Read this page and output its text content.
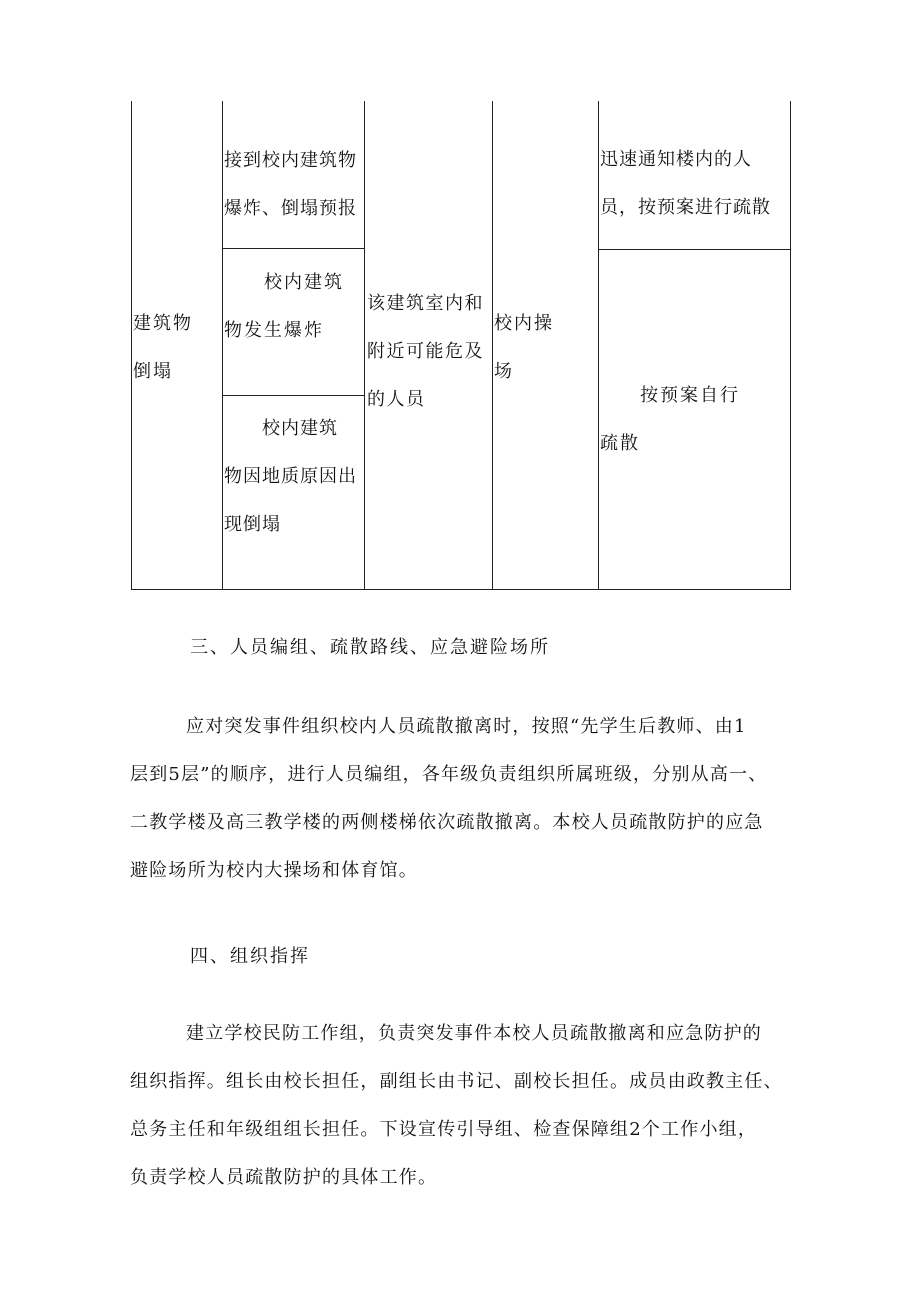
建筑物
倒塌
接到校内建筑物
爆炸、倒塌预报
　　校内建筑
物发生爆炸
　　校内建筑
物因地质原因出
现倒塌
该建筑室内和
附近可能危及
的人员
校内操
场
迅速通知楼内的人
员，按预案进行疏散
　　按预案自行
疏散
三、人员编组、疏散路线、应急避险场所
应对突发事件组织校内人员疏散撤离时，按照“先学生后教师、由1
层到5层”的顺序，进行人员编组，各年级负责组织所属班级，分别从高一、
二教学楼及高三教学楼的两侧楼梯依次疏散撤离。本校人员疏散防护的应急
避险场所为校内大操场和体育馆。
四、组织指挥
建立学校民防工作组，负责突发事件本校人员疏散撤离和应急防护的
组织指挥。组长由校长担任，副组长由书记、副校长担任。成员由政教主任、
总务主任和年级组组长担任。下设宣传引导组、检查保障组2个工作小组，
负责学校人员疏散防护的具体工作。
